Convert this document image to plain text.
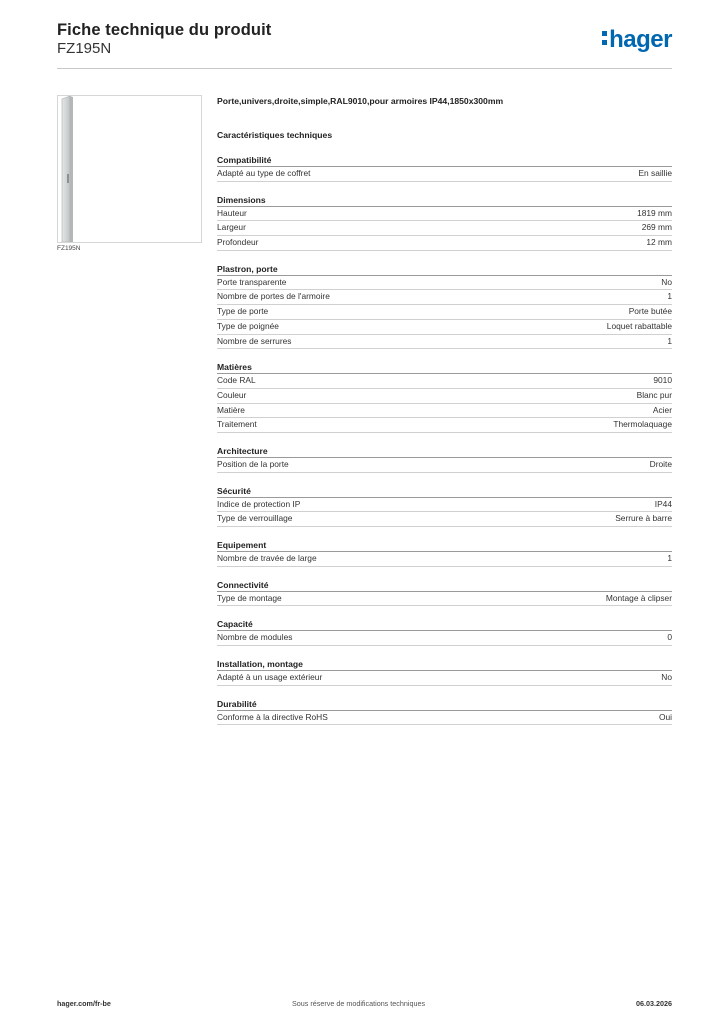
Fiche technique du produit
FZ195N	hager
FZ195N
Porte,univers,droite,simple,RAL9010,pour armoires IP44,1850x300mm
Caractéristiques techniques
Compatibilité
Adapté au type de coffret	En saillie
Dimensions
Hauteur	1819 mm
Largeur	269 mm
Profondeur	12 mm
Plastron, porte
Porte transparente	No
Nombre de portes de l'armoire	1
Type de porte	Porte butée
Type de poignée	Loquet rabattable
Nombre de serrures	1
Matières
Code RAL	9010
Couleur	Blanc pur
Matière	Acier
Traitement	Thermolaquage
Architecture
Position de la porte	Droite
Sécurité
Indice de protection IP	IP44
Type de verrouillage	Serrure à barre
Equipement
Nombre de travée de large	1
Connectivité
Type de montage	Montage à clipser
Capacité
Nombre de modules	0
Installation, montage
Adapté à un usage extérieur	No
Durabilité
Conforme à la directive RoHS	Oui
hager.com/fr-be	Sous réserve de modifications techniques	06.03.2026
